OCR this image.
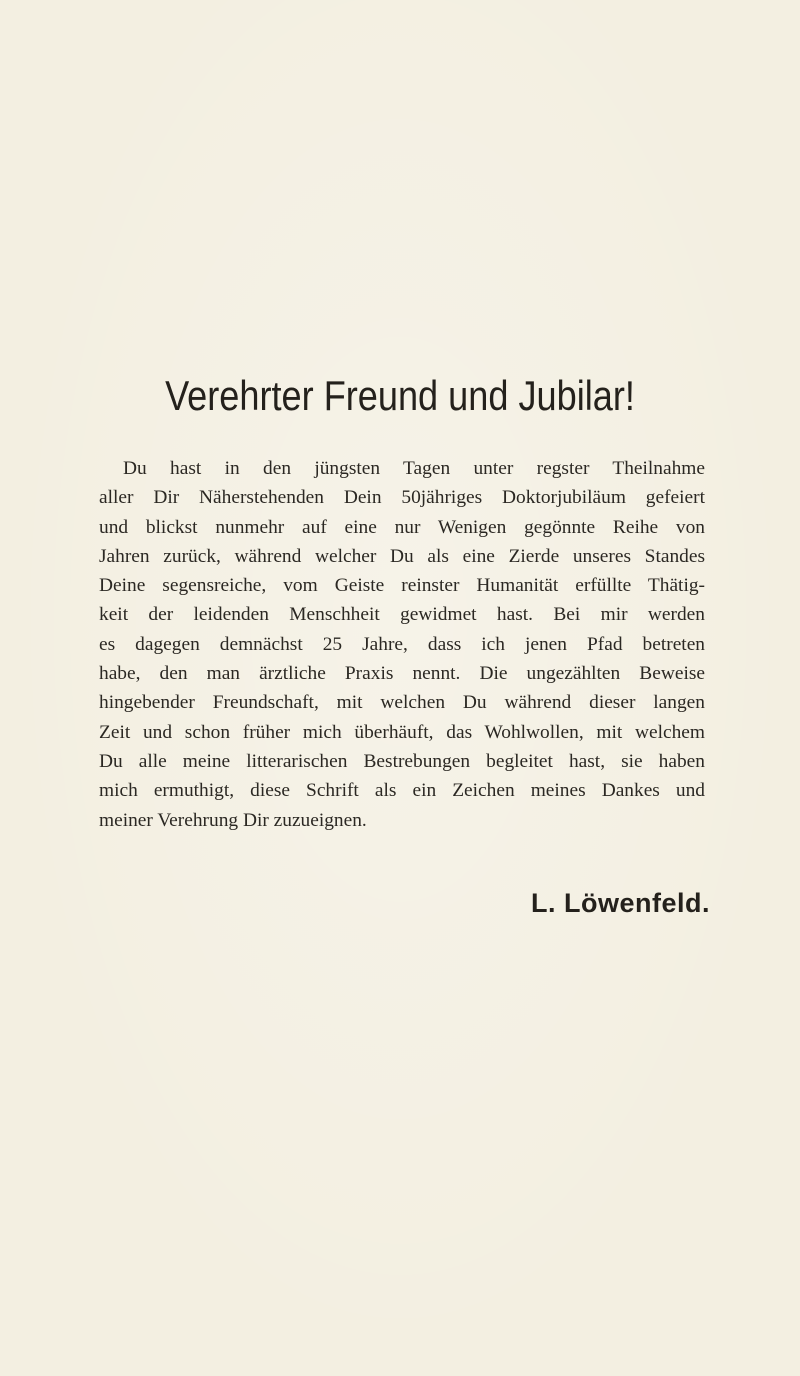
Verehrter Freund und Jubilar!
Du hast in den jüngsten Tagen unter regster Theilnahme
aller Dir Näherstehenden Dein 50jähriges Doktorjubiläum gefeiert
und blickst nunmehr auf eine nur Wenigen gegönnte Reihe von
Jahren zurück, während welcher Du als eine Zierde unseres Standes
Deine segensreiche, vom Geiste reinster Humanität erfüllte Thätig-
keit der leidenden Menschheit gewidmet hast. Bei mir werden
es dagegen demnächst 25 Jahre, dass ich jenen Pfad betreten
habe, den man ärztliche Praxis nennt. Die ungezählten Beweise
hingebender Freundschaft, mit welchen Du während dieser langen
Zeit und schon früher mich überhäuft, das Wohlwollen, mit welchem
Du alle meine litterarischen Bestrebungen begleitet hast, sie haben
mich ermuthigt, diese Schrift als ein Zeichen meines Dankes und
meiner Verehrung Dir zuzueignen.

L. Löwenfeld.
